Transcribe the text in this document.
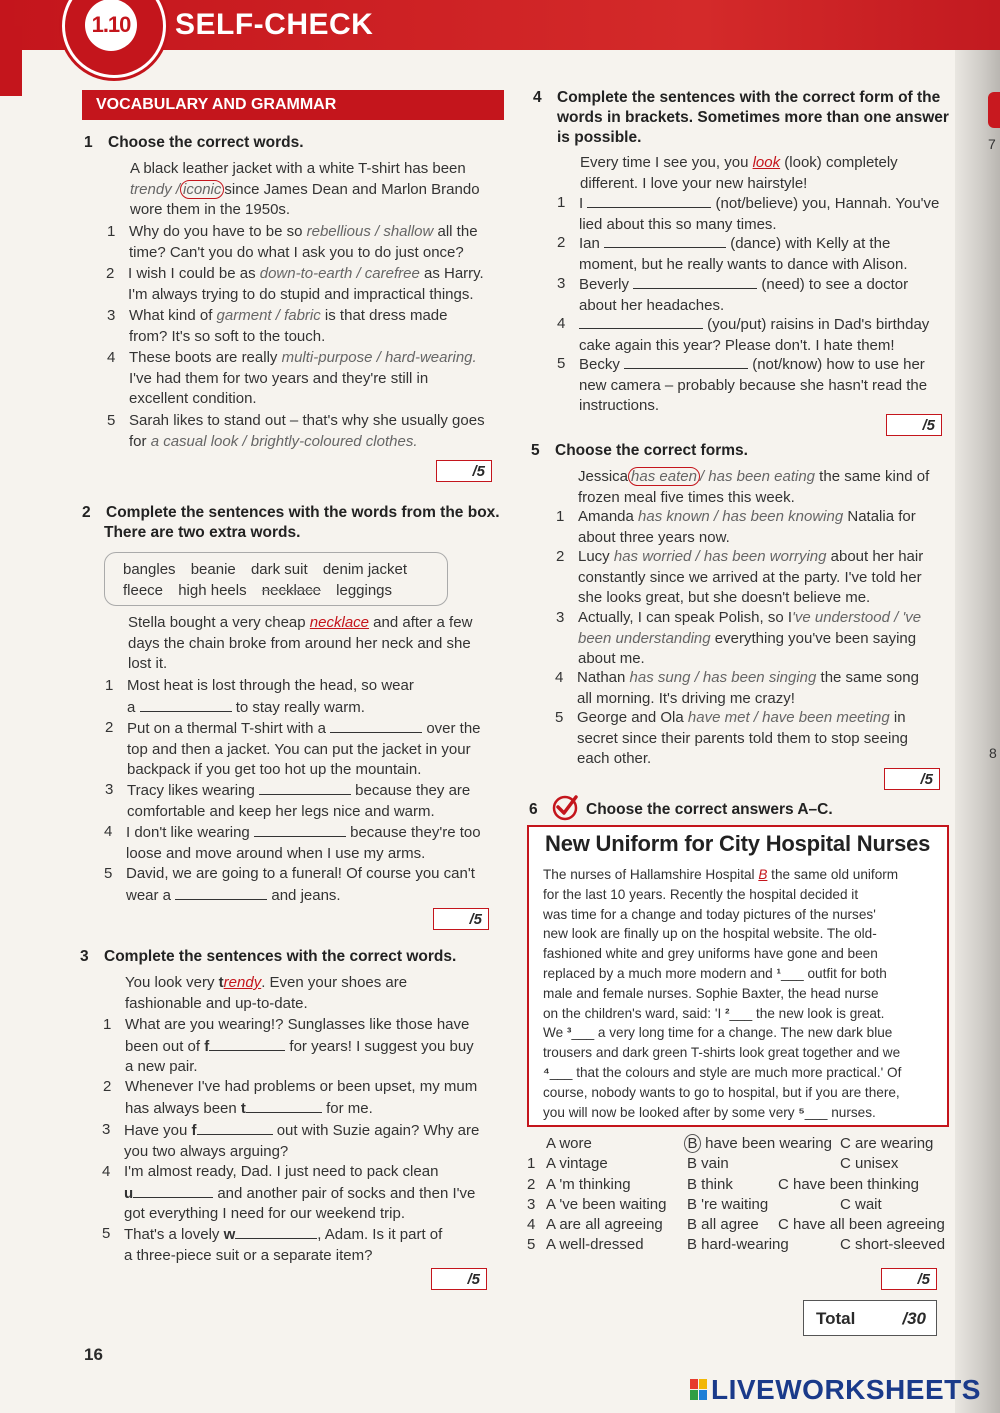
1.10 SELF-CHECK
7
8
VOCABULARY AND GRAMMAR
1 Choose the correct words.
A black leather jacket with a white T-shirt has been
trendy / iconic since James Dean and Marlon Brando
wore them in the 1950s.
1 Why do you have to be so rebellious / shallow all the
time? Can't you do what I ask you to do just once?
2 I wish I could be as down-to-earth / carefree as Harry.
I'm always trying to do stupid and impractical things.
3 What kind of garment / fabric is that dress made
from? It's so soft to the touch.
4 These boots are really multi-purpose / hard-wearing.
I've had them for two years and they're still in
excellent condition.
5 Sarah likes to stand out – that's why she usually goes
for a casual look / brightly-coloured clothes.
/5
2 Complete the sentences with the words from the box.
There are two extra words.
bangles beanie dark suit denim jacket
fleece high heels necklace leggings
Stella bought a very cheap necklace and after a few
days the chain broke from around her neck and she
lost it.
1 Most heat is lost through the head, so wear
a	to stay really warm.
2 Put on a thermal T-shirt with a	over the
top and then a jacket. You can put the jacket in your
backpack if you get too hot up the mountain.
3 Tracy likes wearing	because they are
comfortable and keep her legs nice and warm.
4 I don't like wearing	because they're too
loose and move around when I use my arms.
5 David, we are going to a funeral! Of course you can't
wear a	and jeans.
/5
3 Complete the sentences with the correct words.
You look very trendy. Even your shoes are
fashionable and up-to-date.
1 What are you wearing!? Sunglasses like those have
been out of f	for years! I suggest you buy
a new pair.
2 Whenever I've had problems or been upset, my mum
has always been t	for me.
3 Have you f	out with Suzie again? Why are
you two always arguing?
4 I'm almost ready, Dad. I just need to pack clean
u	and another pair of socks and then I've
got everything I need for our weekend trip.
5 That's a lovely w	, Adam. Is it part of
a three-piece suit or a separate item?
/5
4 Complete the sentences with the correct form of the
words in brackets. Sometimes more than one answer
is possible.
Every time I see you, you look (look) completely
different. I love your new hairstyle!
1 I	(not/believe) you, Hannah. You've
lied about this so many times.
2 Ian	(dance) with Kelly at the
moment, but he really wants to dance with Alison.
3 Beverly	(need) to see a doctor
about her headaches.
4	(you/put) raisins in Dad's birthday
cake again this year? Please don't. I hate them!
5 Becky	(not/know) how to use her
new camera – probably because she hasn't read the
instructions.
/5
5 Choose the correct forms.
Jessica has eaten / has been eating the same kind of
frozen meal five times this week.
1 Amanda has known / has been knowing Natalia for
about three years now.
2 Lucy has worried / has been worrying about her hair
constantly since we arrived at the party. I've told her
she looks great, but she doesn't believe me.
3 Actually, I can speak Polish, so I've understood / 've
been understanding everything you've been saying
about me.
4 Nathan has sung / has been singing the same song
all morning. It's driving me crazy!
5 George and Ola have met / have been meeting in
secret since their parents told them to stop seeing
each other.
/5
6	Choose the correct answers A–C.
New Uniform for City Hospital Nurses
The nurses of Hallamshire Hospital B the same old uniform
for the last 10 years. Recently the hospital decided it
was time for a change and today pictures of the nurses'
new look are finally up on the hospital website. The old-
fashioned white and grey uniforms have gone and been
replaced by a much more modern and ¹___ outfit for both
male and female nurses. Sophie Baxter, the head nurse
on the children's ward, said: 'I ²___ the new look is great.
We ³___ a very long time for a change. The new dark blue
trousers and dark green T-shirts look great together and we
⁴___ that the colours and style are much more practical.' Of
course, nobody wants to go to hospital, but if you are there,
you will now be looked after by some very ⁵___ nurses.
A wore	B have been wearing C are wearing
1 A vintage	B vain	C unisex
2 A 'm thinking	B think	C have been thinking
3 A 've been waiting B 're waiting	C wait
4 A are all agreeing B all agree C have all been agreeing
5 A well-dressed	B hard-wearing	C short-sleeved
/5
Total	/30
16
LIVEWORKSHEETS
